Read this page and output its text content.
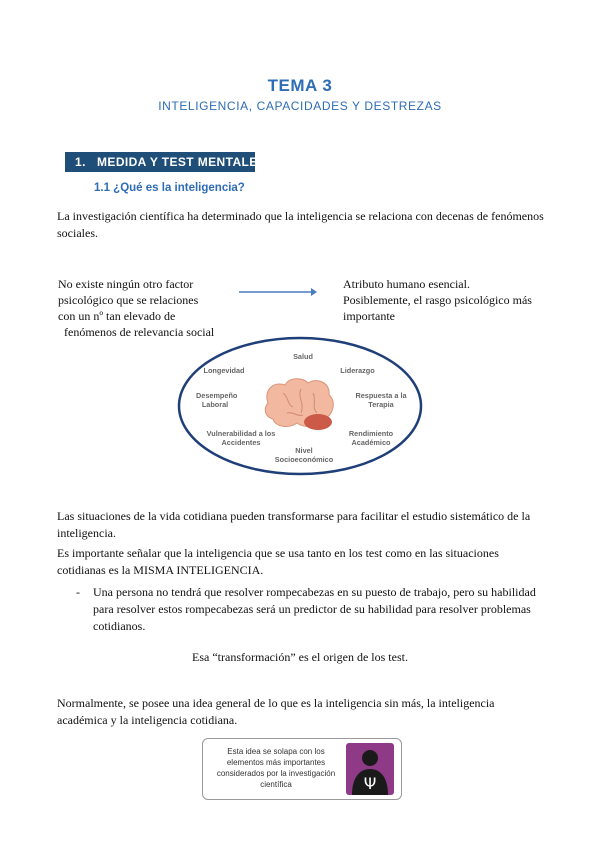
TEMA 3
INTELIGENCIA, CAPACIDADES Y DESTREZAS
1. MEDIDA Y TEST MENTALES
1.1 ¿Qué es la inteligencia?
La investigación científica ha determinado que la inteligencia se relaciona con decenas de fenómenos sociales.
No existe ningún otro factor
psicológico que se relaciones
con un nº tan elevado de
fenómenos de relevancia social
Atributo humano esencial.
Posiblemente, el rasgo psicológico más
importante
Salud
Longevidad	Liderazgo
Desempeño Laboral
Respuesta a la Terapia
Vulnerabilidad a los Accidentes
Rendimiento Académico
Nivel Socioeconómico
Las situaciones de la vida cotidiana pueden transformarse para facilitar el estudio sistemático de la inteligencia.
Es importante señalar que la inteligencia que se usa tanto en los test como en las situaciones cotidianas es la MISMA INTELIGENCIA.
- Una persona no tendrá que resolver rompecabezas en su puesto de trabajo, pero su habilidad para resolver estos rompecabezas será un predictor de su habilidad para resolver problemas cotidianos.
Esa “transformación” es el origen de los test.
Normalmente, se posee una idea general de lo que es la inteligencia sin más, la inteligencia académica y la inteligencia cotidiana.
Esta idea se solapa con los elementos más importantes considerados por la investigación científica	Ψ
